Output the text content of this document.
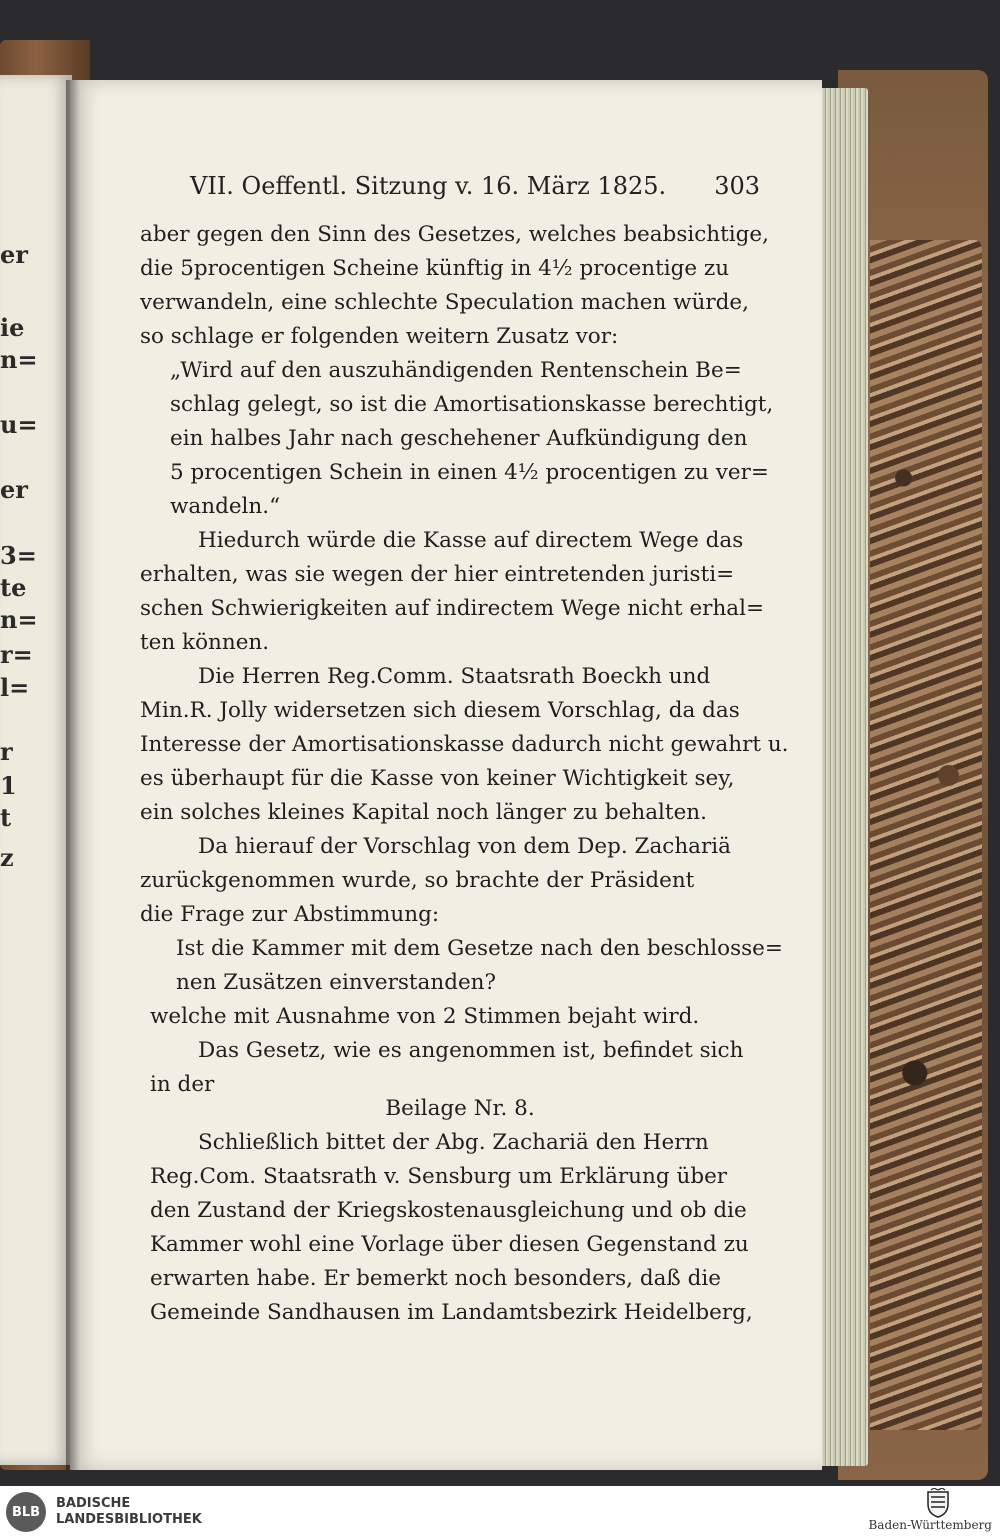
er
ie
n=
u=
er
3=
te
n=
r=
l=
r
1
t
z
VII. Oeffentl. Sitzung v. 16. März 1825. 303
aber gegen den Sinn des Gesetzes, welches beabsichtige,
die 5procentigen Scheine künftig in 4½ procentige zu
verwandeln, eine schlechte Speculation machen würde,
so schlage er folgenden weitern Zusatz vor:
„Wird auf den auszuhändigenden Rentenschein Be=
schlag gelegt, so ist die Amortisationskasse berechtigt,
ein halbes Jahr nach geschehener Aufkündigung den
5 procentigen Schein in einen 4½ procentigen zu ver=
wandeln.“
Hiedurch würde die Kasse auf directem Wege das
erhalten, was sie wegen der hier eintretenden juristi=
schen Schwierigkeiten auf indirectem Wege nicht erhal=
ten können.
Die Herren Reg.Comm. Staatsrath Boeckh und
Min.R. Jolly widersetzen sich diesem Vorschlag, da das
Interesse der Amortisationskasse dadurch nicht gewahrt u.
es überhaupt für die Kasse von keiner Wichtigkeit sey,
ein solches kleines Kapital noch länger zu behalten.
Da hierauf der Vorschlag von dem Dep. Zachariä
zurückgenommen wurde, so brachte der Präsident
die Frage zur Abstimmung:
Ist die Kammer mit dem Gesetze nach den beschlosse=
nen Zusätzen einverstanden?
welche mit Ausnahme von 2 Stimmen bejaht wird.
Das Gesetz, wie es angenommen ist, befindet sich
in der
Beilage Nr. 8.
Schließlich bittet der Abg. Zachariä den Herrn
Reg.Com. Staatsrath v. Sensburg um Erklärung über
den Zustand der Kriegskostenausgleichung und ob die
Kammer wohl eine Vorlage über diesen Gegenstand zu
erwarten habe. Er bemerkt noch besonders, daß die
Gemeinde Sandhausen im Landamtsbezirk Heidelberg,
BLB
BADISCHE
LANDESBIBLIOTHEK	Baden-Württemberg
